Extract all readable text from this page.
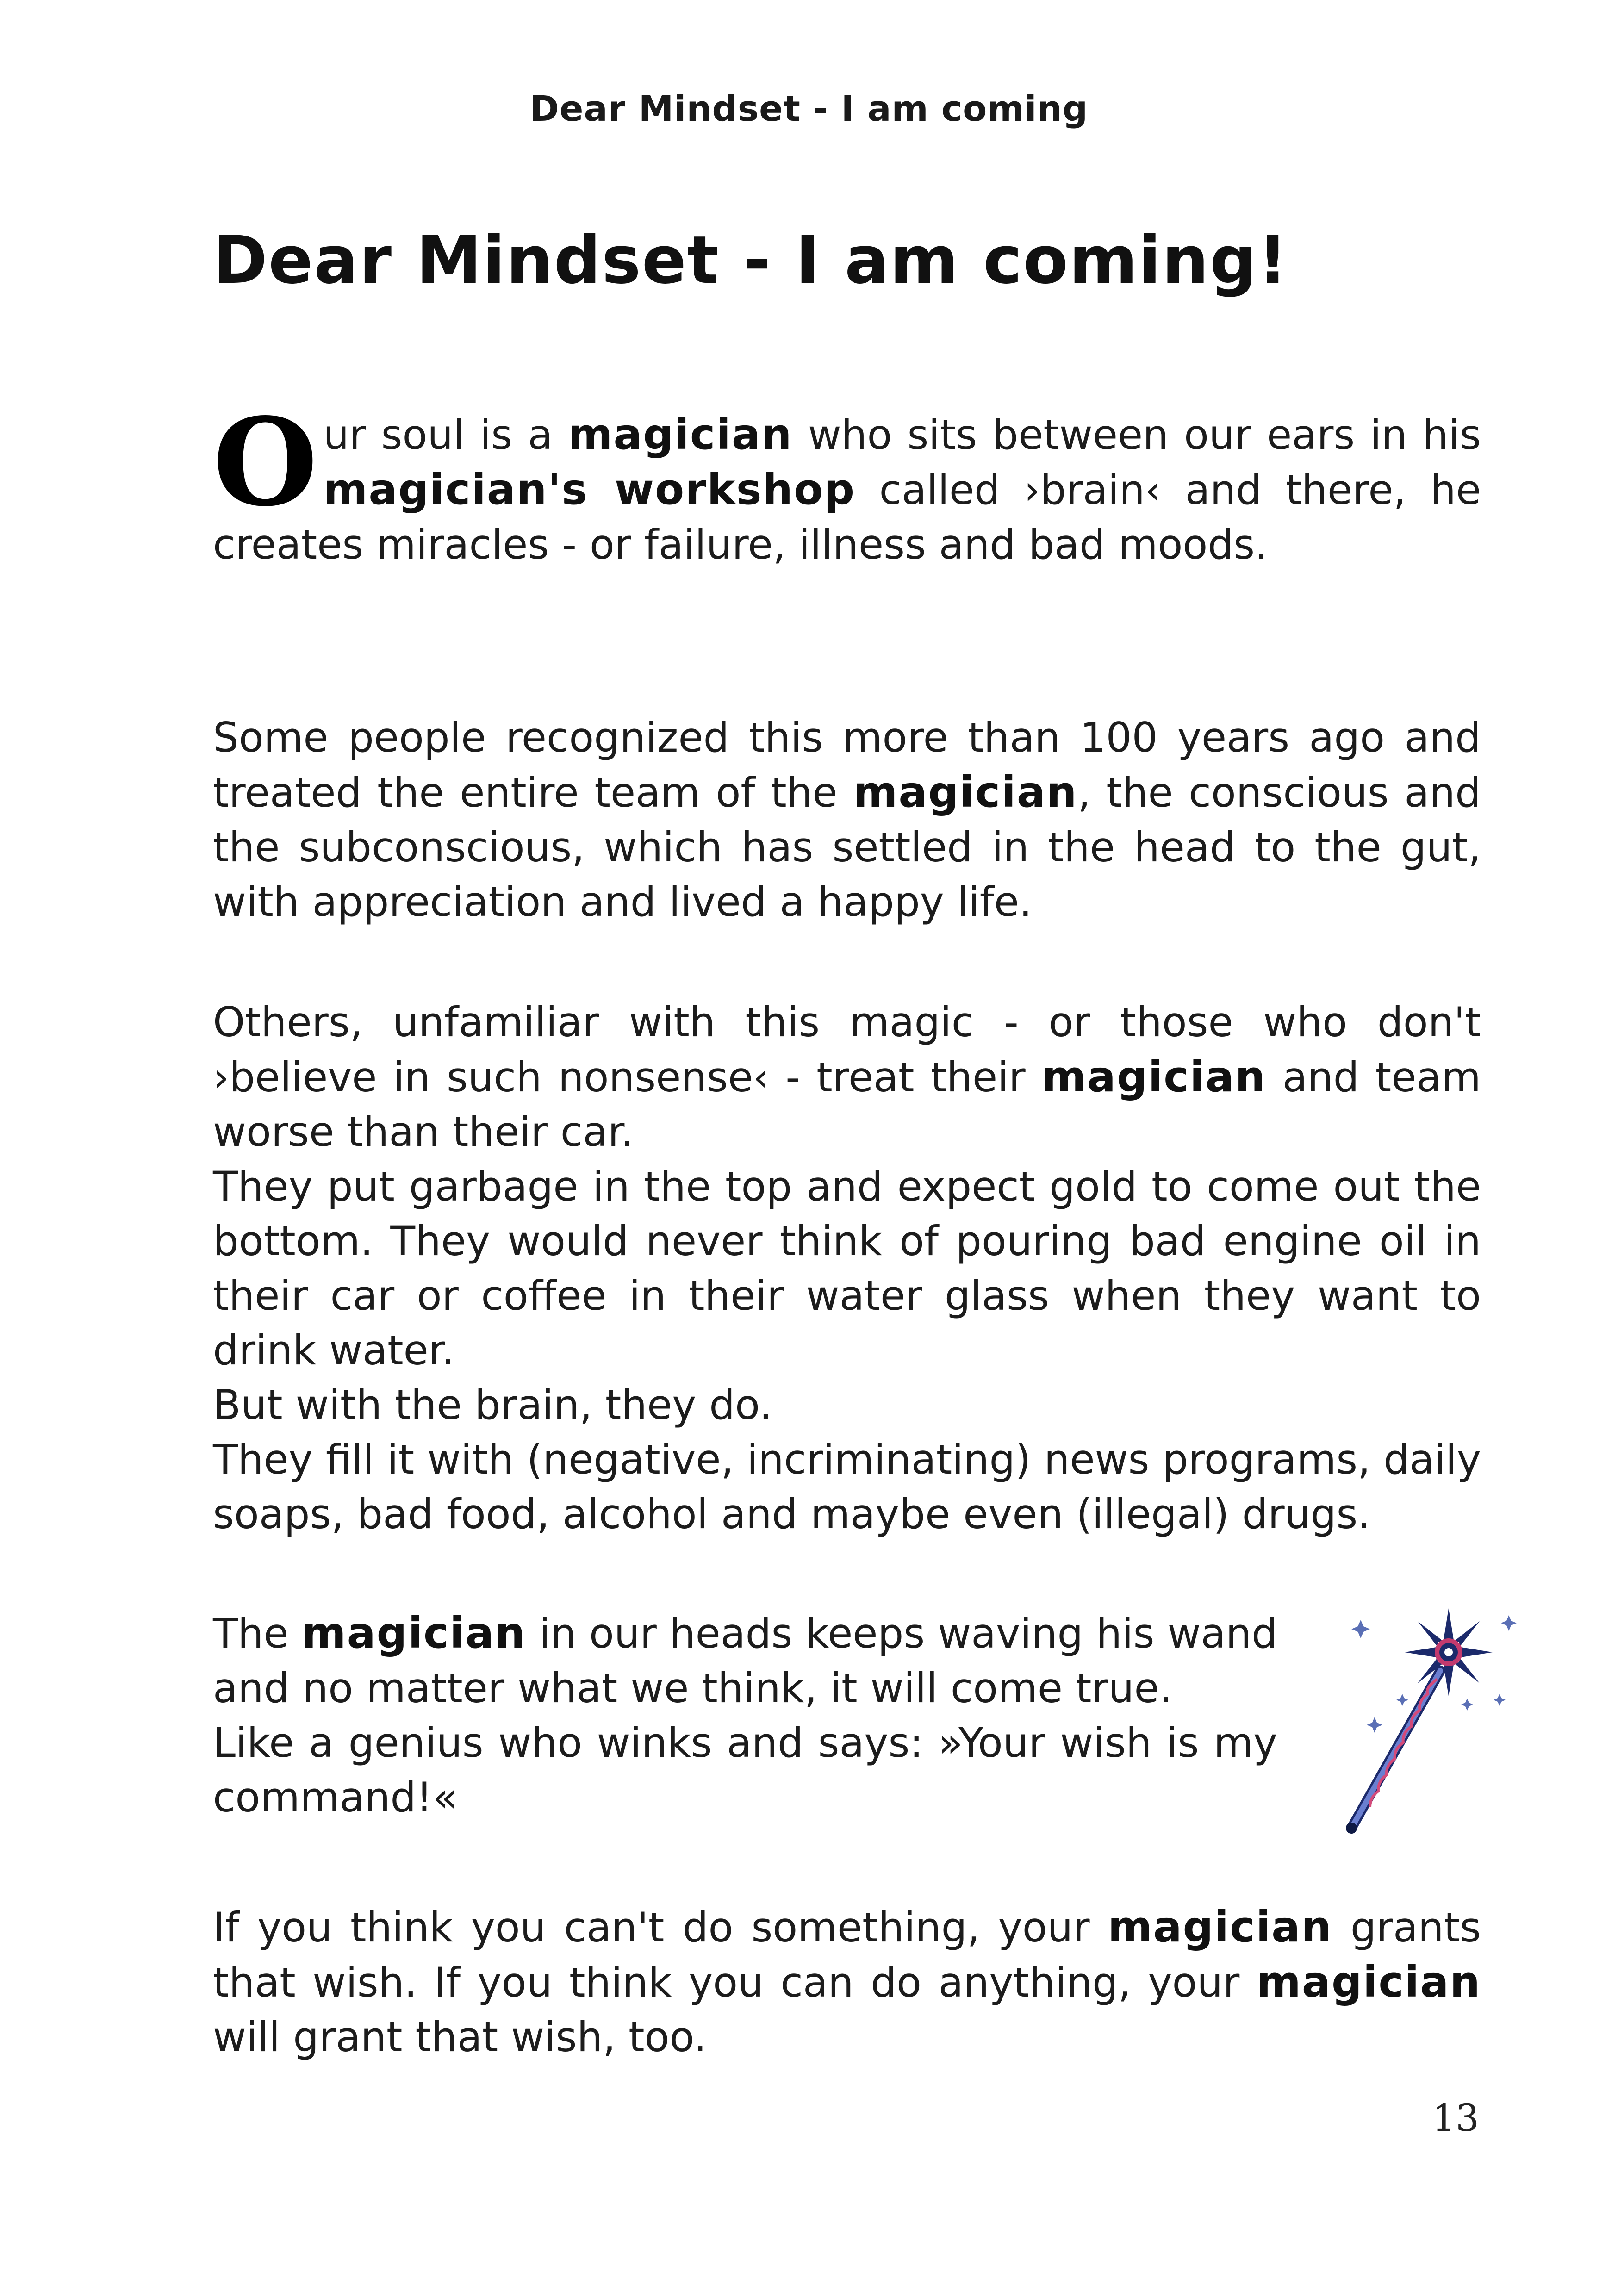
Dear Mindset - I am coming
Dear Mindset - I am coming!

Our soul is a magician who sits between our ears in his magician's workshop called ›brain‹ and there, he creates miracles - or failure, illness and bad moods.

Some people recognized this more than 100 years ago and treated the entire team of the magician, the conscious and the subconscious, which has settled in the head to the gut, with appreciation and lived a happy life.

Others, unfamiliar with this magic - or those who don't ›believe in such nonsense‹ - treat their magician and team worse than their car.

They put garbage in the top and expect gold to come out the bottom. They would never think of pouring bad engine oil in their car or coffee in their water glass when they want to drink water.

But with the brain, they do.

They fill it with (negative, incriminating) news programs, daily soaps, bad food, alcohol and maybe even (illegal) drugs.

The magician in our heads keeps waving his wand and no matter what we think, it will come true.

Like a genius who winks and says: »Your wish is my command!«

If you think you can't do something, your magician grants that wish. If you think you can do anything, your magician will grant that wish, too.

13
